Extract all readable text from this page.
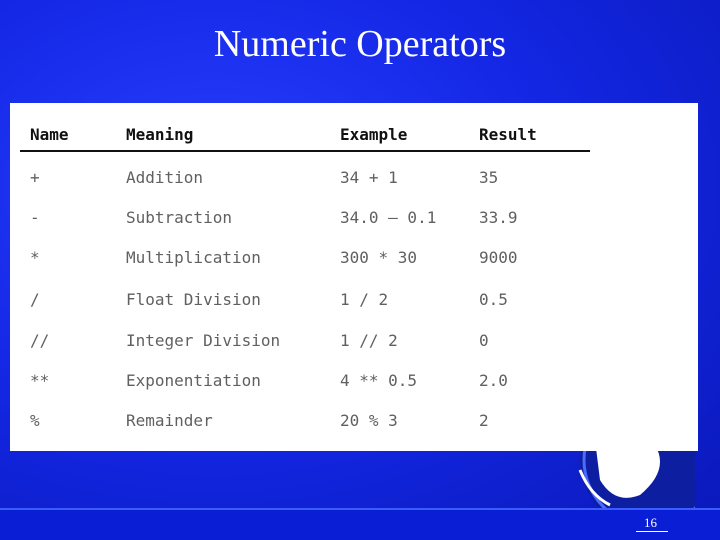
Numeric Operators
Name	Meaning	Example	Result
+	Addition	34 + 1	35
-	Subtraction	34.0 – 0.1	33.9
*	Multiplication	300 * 30	9000
/	Float Division	1 / 2	0.5
//	Integer Division	1 // 2	0
**	Exponentiation	4 ** 0.5	2.0
%	Remainder	20 % 3	2
16
